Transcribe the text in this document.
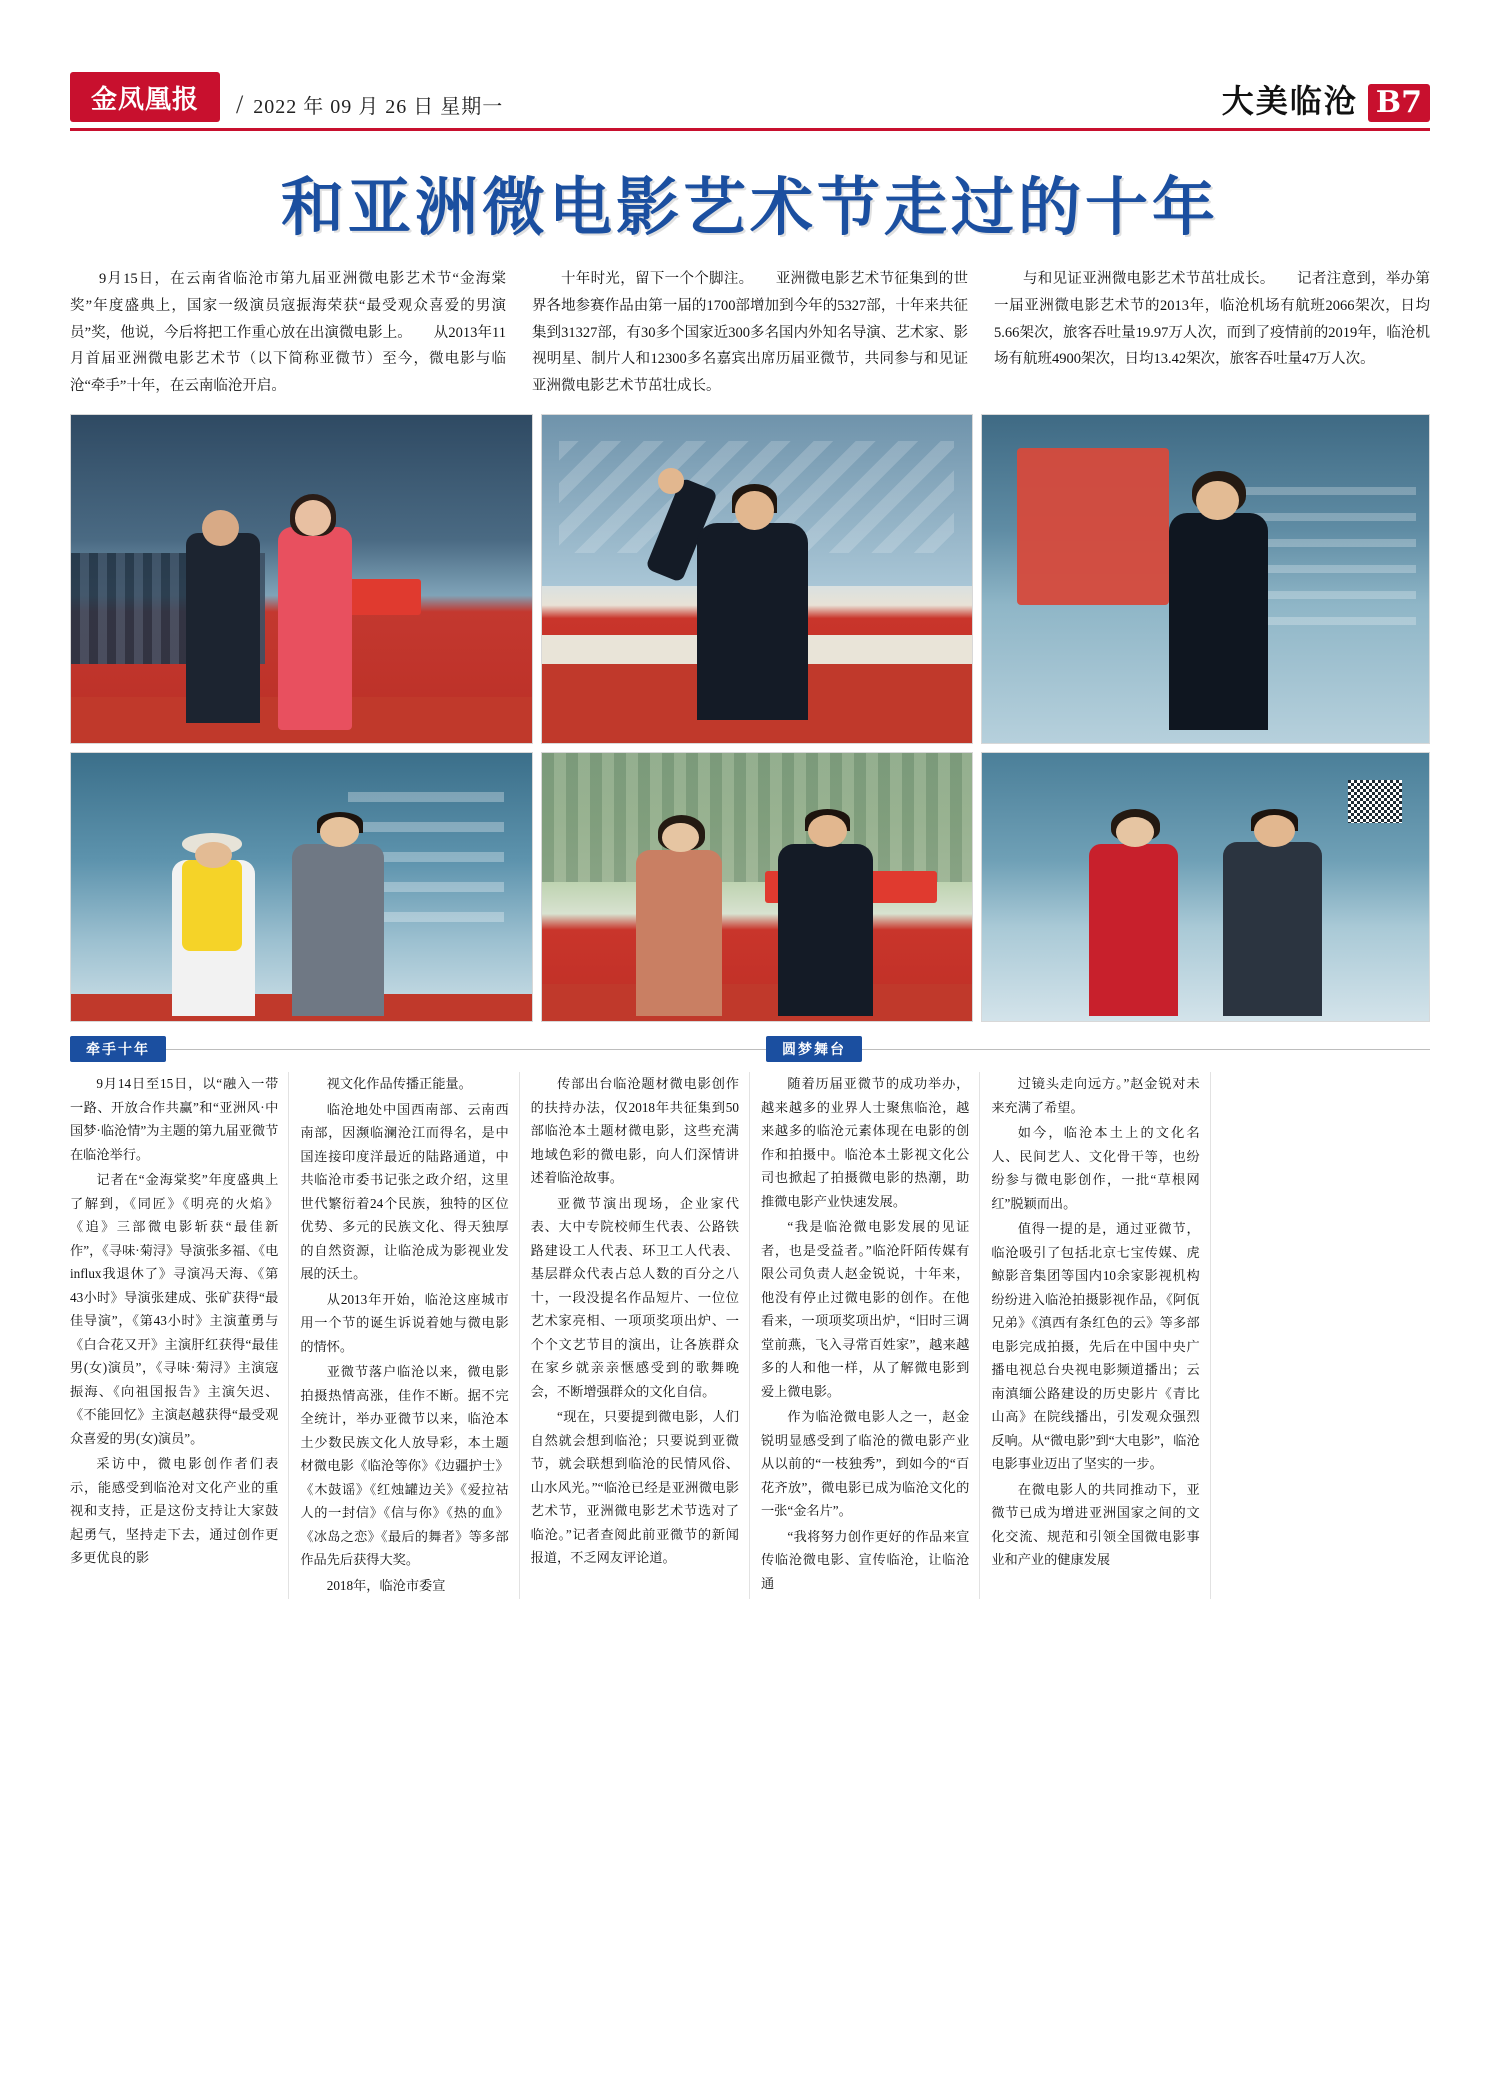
金凤凰报 / 2022 年 09 月 26 日 星期一	大美临沧 B7
和亚洲微电影艺术节走过的十年

9月15日，在云南省临沧市第九届亚洲微电影艺术节“金海棠奖”年度盛典上，国家一级演员寇振海荣获“最受观众喜爱的男演员”奖，他说，今后将把工作重心放在出演微电影上。　　从2013年11月首届亚洲微电影艺术节（以下简称亚微节）至今，微电影与临沧“牵手”十年，在云南临沧开启。

十年时光，留下一个个脚注。　　亚洲微电影艺术节征集到的世界各地参赛作品由第一届的1700部增加到今年的5327部，十年来共征集到31327部，有30多个国家近300多名国内外知名导演、艺术家、影视明星、制片人和12300多名嘉宾出席历届亚微节，共同参与和见证亚洲微电影艺术节茁壮成长。

与和见证亚洲微电影艺术节茁壮成长。　　记者注意到，举办第一届亚洲微电影艺术节的2013年，临沧机场有航班2066架次，日均5.66架次，旅客吞吐量19.97万人次，而到了疫情前的2019年，临沧机场有航班4900架次，日均13.42架次，旅客吞吐量47万人次。

牵手十年	圆梦舞台

9月14日至15日，以“融入一带一路、开放合作共赢”和“亚洲风·中国梦·临沧情”为主题的第九届亚微节在临沧举行。

记者在“金海棠奖”年度盛典上了解到，《同匠》《明亮的火焰》《追》三部微电影斩获“最佳新作”，《寻味·菊浔》导演张多福、《电influx我退休了》寻演冯天海、《第43小时》导演张建成、张矿获得“最佳导演”，《第43小时》主演董勇与《白合花又开》主演肝红获得“最佳男(女)演员”，《寻味·菊浔》主演寇振海、《向祖国报告》主演矢迟、《不能回忆》主演赵越获得“最受观众喜爱的男(女)演员”。

采访中，微电影创作者们表示，能感受到临沧对文化产业的重视和支持，正是这份支持让大家鼓起勇气，坚持走下去，通过创作更多更优良的影

视文化作品传播正能量。

临沧地处中国西南部、云南西南部，因濒临澜沧江而得名，是中国连接印度洋最近的陆路通道，中共临沧市委书记张之政介绍，这里世代繁衍着24个民族，独特的区位优势、多元的民族文化、得天独厚的自然资源，让临沧成为影视业发展的沃土。

从2013年开始，临沧这座城市用一个节的诞生诉说着她与微电影的情怀。

亚微节落户临沧以来，微电影拍摄热情高涨，佳作不断。据不完全统计，举办亚微节以来，临沧本土少数民族文化人放导彩，本土题材微电影《临沧等你》《边疆护士》《木鼓谣》《红烛罐边关》《爱拉祜人的一封信》《信与你》《热的血》《冰岛之恋》《最后的舞者》等多部作品先后获得大奖。

2018年，临沧市委宣

传部出台临沧题材微电影创作的扶持办法，仅2018年共征集到50部临沧本土题材微电影，这些充满地域色彩的微电影，向人们深情讲述着临沧故事。

亚微节演出现场，企业家代表、大中专院校师生代表、公路铁路建设工人代表、环卫工人代表、基层群众代表占总人数的百分之八十，一段没提名作品短片、一位位艺术家亮相、一项项奖项出炉、一个个文艺节目的演出，让各族群众在家乡就亲亲惬感受到的歌舞晚会，不断增强群众的文化自信。

“现在，只要提到微电影，人们自然就会想到临沧；只要说到亚微节，就会联想到临沧的民情风俗、山水风光。”“临沧已经是亚洲微电影艺术节，亚洲微电影艺术节选对了临沧。”记者查阅此前亚微节的新闻报道，不乏网友评论道。

随着历届亚微节的成功举办，越来越多的业界人士聚焦临沧，越来越多的临沧元素体现在电影的创作和拍摄中。临沧本土影视文化公司也掀起了拍摄微电影的热潮，助推微电影产业快速发展。

“我是临沧微电影发展的见证者，也是受益者。”临沧阡陌传媒有限公司负责人赵金锐说，十年来，他没有停止过微电影的创作。在他看来，一项项奖项出炉，“旧时三调堂前燕，飞入寻常百姓家”，越来越多的人和他一样，从了解微电影到爱上微电影。

作为临沧微电影人之一，赵金锐明显感受到了临沧的微电影产业从以前的“一枝独秀”，到如今的“百花齐放”，微电影已成为临沧文化的一张“金名片”。

“我将努力创作更好的作品来宣传临沧微电影、宣传临沧，让临沧通

过镜头走向远方。”赵金锐对未来充满了希望。

如今，临沧本土上的文化名人、民间艺人、文化骨干等，也纷纷参与微电影创作，一批“草根网红”脱颖而出。

值得一提的是，通过亚微节，临沧吸引了包括北京七宝传媒、虎鲸影音集团等国内10余家影视机构纷纷进入临沧拍摄影视作品，《阿佤兄弟》《滇西有条红色的云》等多部电影完成拍摄，先后在中国中央广播电视总台央视电影频道播出；云南滇缅公路建设的历史影片《青比山高》在院线播出，引发观众强烈反响。从“微电影”到“大电影”，临沧电影事业迈出了坚实的一步。

在微电影人的共同推动下，亚微节已成为增进亚洲国家之间的文化交流、规范和引领全国微电影事业和产业的健康发展
